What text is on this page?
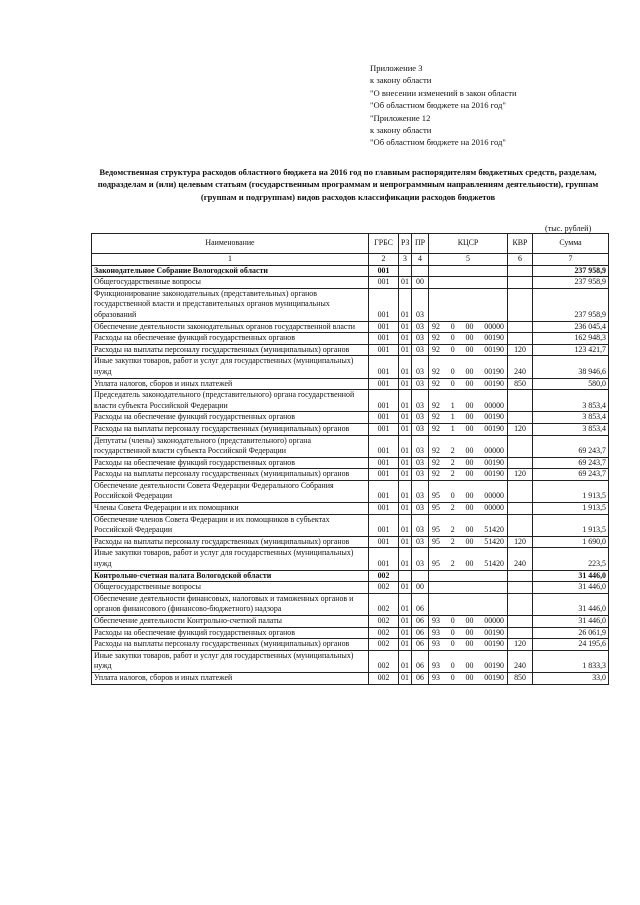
Приложение 3
к закону области
"О внесении изменений в закон области
"Об областном бюджете на 2016 год"
"Приложение 12
к закону области
"Об областном бюджете на 2016 год"
Ведомственная структура расходов областного бюджета на 2016 год по главным распорядителям бюджетных средств, разделам, подразделам и (или) целевым статьям (государственным программам и непрограммным направлениям деятельности), группам (группам и подгруппам) видов расходов классификации расходов бюджетов
(тыс. рублей)
Наименование	ГРБС	РЗ	ПР	КЦСР	КВР	Сумма
1	2	3	4	5	6	7
Законодательное Собрание Вологодской области	001					237 958,9
Общегосударственные вопросы	001	01	00			237 958,9
Функционирование законодательных (представительных) органов государственной власти и представительных органов муниципальных образований	001	01	03			237 958,9
Обеспечение деятельности законодательных органов государственной власти	001	01	03	92 0 00 00000		236 045,4
Расходы на обеспечение функций государственных органов	001	01	03	92 0 00 00190		162 948,3
Расходы на выплаты персоналу государственных (муниципальных) органов	001	01	03	92 0 00 00190	120	123 421,7
Иные закупки товаров, работ и услуг для государственных (муниципальных) нужд	001	01	03	92 0 00 00190	240	38 946,6
Уплата налогов, сборов и иных платежей	001	01	03	92 0 00 00190	850	580,0
Председатель законодательного (представительного) органа государственной власти субъекта Российской Федерации	001	01	03	92 1 00 00000		3 853,4
Расходы на обеспечение функций государственных органов	001	01	03	92 1 00 00190		3 853,4
Расходы на выплаты персоналу государственных (муниципальных) органов	001	01	03	92 1 00 00190	120	3 853,4
Депутаты (члены) законодательного (представительного) органа государственной власти субъекта Российской Федерации	001	01	03	92 2 00 00000		69 243,7
Расходы на обеспечение функций государственных органов	001	01	03	92 2 00 00190		69 243,7
Расходы на выплаты персоналу государственных (муниципальных) органов	001	01	03	92 2 00 00190	120	69 243,7
Обеспечение деятельности Совета Федерации Федерального Собрания Российской Федерации	001	01	03	95 0 00 00000		1 913,5
Члены Совета Федерации и их помощники	001	01	03	95 2 00 00000		1 913,5
Обеспечение членов Совета Федерации и их помощников в субъектах Российской Федерации	001	01	03	95 2 00 51420		1 913,5
Расходы на выплаты персоналу государственных (муниципальных) органов	001	01	03	95 2 00 51420	120	1 690,0
Иные закупки товаров, работ и услуг для государственных (муниципальных) нужд	001	01	03	95 2 00 51420	240	223,5
Контрольно-счетная палата Вологодской области	002					31 446,0
Общегосударственные вопросы	002	01	00			31 446,0
Обеспечение деятельности финансовых, налоговых и таможенных органов и органов финансового (финансово-бюджетного) надзора	002	01	06			31 446,0
Обеспечение деятельности Контрольно-счетной палаты	002	01	06	93 0 00 00000		31 446,0
Расходы на обеспечение функций государственных органов	002	01	06	93 0 00 00190		26 061,9
Расходы на выплаты персоналу государственных (муниципальных) органов	002	01	06	93 0 00 00190	120	24 195,6
Иные закупки товаров, работ и услуг для государственных (муниципальных) нужд	002	01	06	93 0 00 00190	240	1 833,3
Уплата налогов, сборов и иных платежей	002	01	06	93 0 00 00190	850	33,0
